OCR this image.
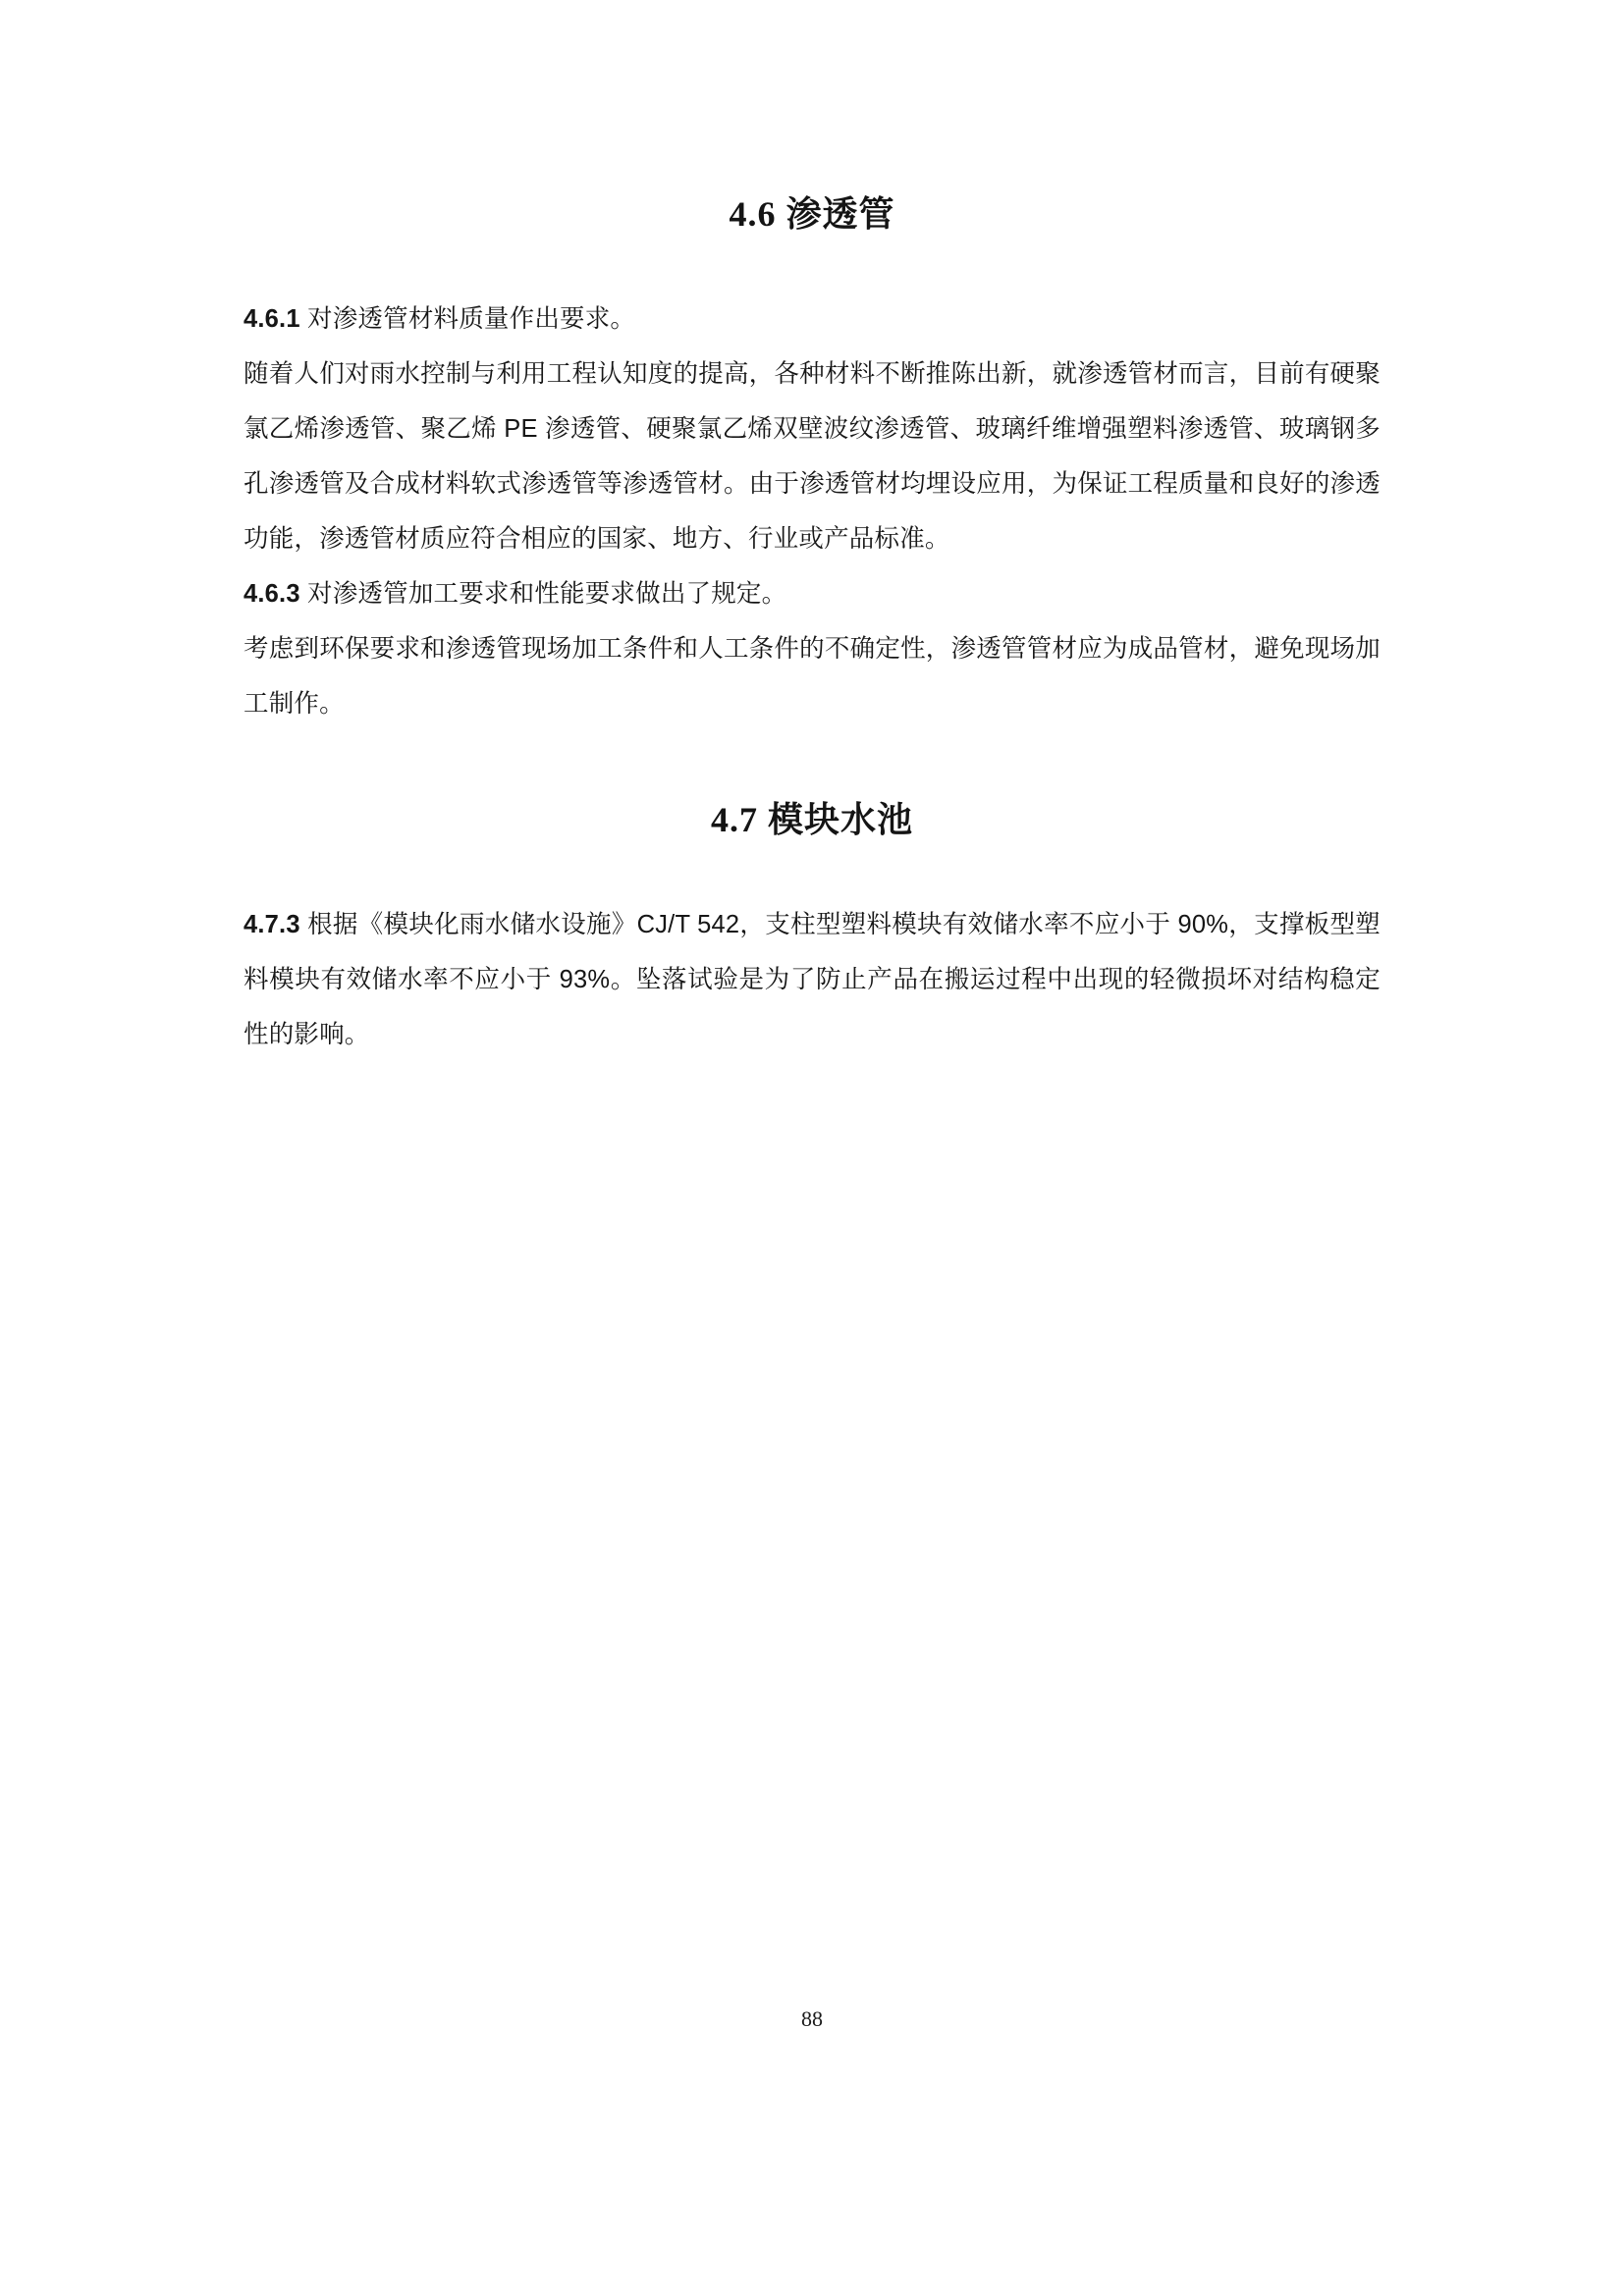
4.6 渗透管

4.6.1 对渗透管材料质量作出要求。

随着人们对雨水控制与利用工程认知度的提高，各种材料不断推陈出新，就渗透管材而言，目前有硬聚氯乙烯渗透管、聚乙烯 PE 渗透管、硬聚氯乙烯双壁波纹渗透管、玻璃纤维增强塑料渗透管、玻璃钢多孔渗透管及合成材料软式渗透管等渗透管材。由于渗透管材均埋设应用，为保证工程质量和良好的渗透功能，渗透管材质应符合相应的国家、地方、行业或产品标准。

4.6.3 对渗透管加工要求和性能要求做出了规定。

考虑到环保要求和渗透管现场加工条件和人工条件的不确定性，渗透管管材应为成品管材，避免现场加工制作。

4.7 模块水池

4.7.3 根据《模块化雨水储水设施》CJ/T 542，支柱型塑料模块有效储水率不应小于 90%，支撑板型塑料模块有效储水率不应小于 93%。坠落试验是为了防止产品在搬运过程中出现的轻微损坏对结构稳定性的影响。

88
